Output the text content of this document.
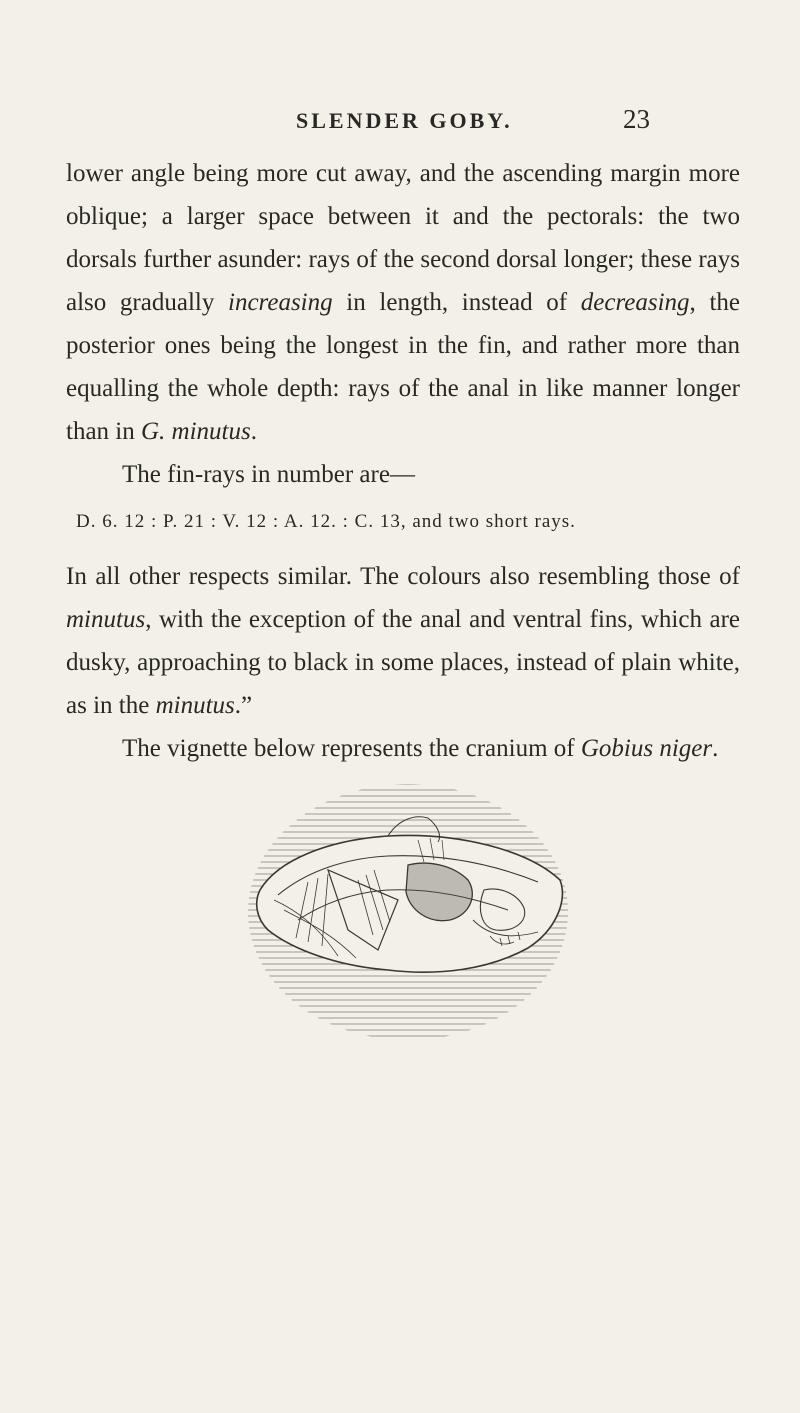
SLENDER GOBY.	23

lower angle being more cut away, and the ascending margin more oblique; a larger space between it and the pectorals: the two dorsals further asunder: rays of the second dorsal longer; these rays also gradually increasing in length, instead of decreasing, the posterior ones being the longest in the fin, and rather more than equalling the whole depth: rays of the anal in like manner longer than in G. minutus.

The fin-rays in number are—

D. 6. 12 : P. 21 : V. 12 : A. 12. : C. 13, and two short rays.

In all other respects similar. The colours also resembling those of minutus, with the exception of the anal and ventral fins, which are dusky, approaching to black in some places, instead of plain white, as in the minutus.”

The vignette below represents the cranium of Gobius niger.
